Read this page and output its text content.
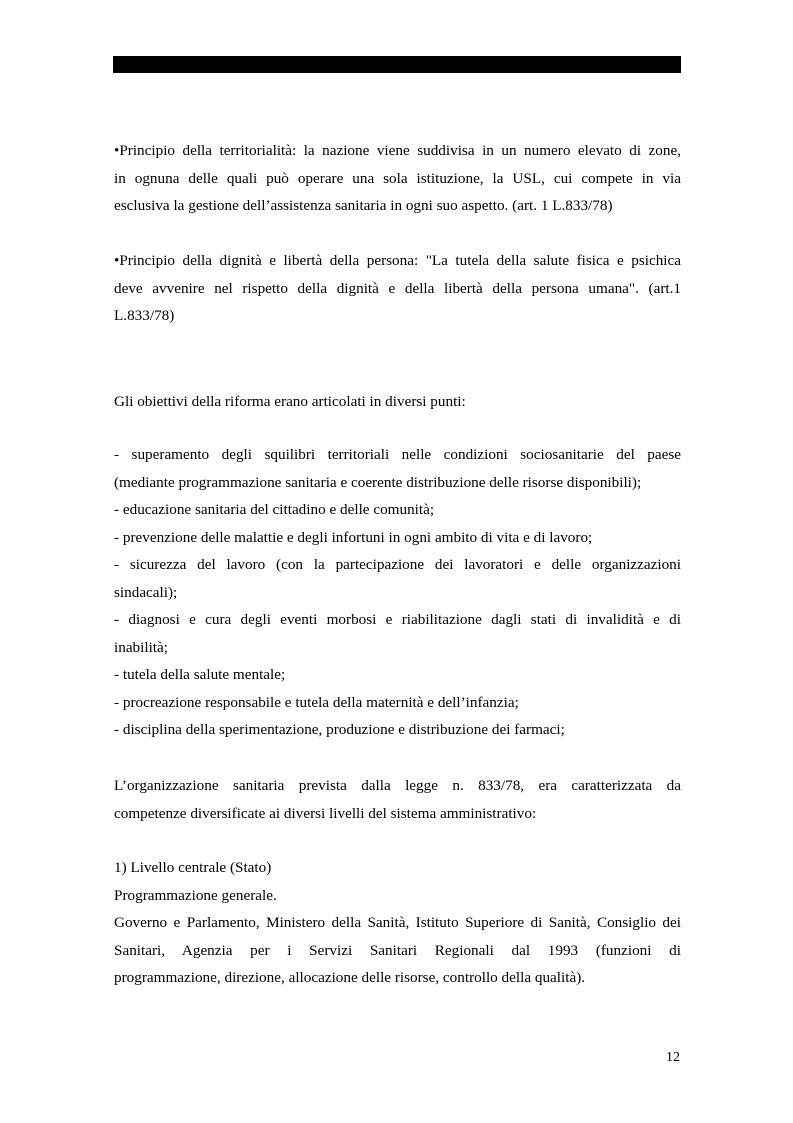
•Principio della territorialità: la nazione viene suddivisa in un numero elevato di zone,
in ognuna delle quali può operare una sola istituzione, la USL, cui compete in via
esclusiva la gestione dell’assistenza sanitaria in ogni suo aspetto. (art. 1 L.833/78)
•Principio della dignità e libertà della persona: "La tutela della salute fisica e psichica
deve avvenire nel rispetto della dignità e della libertà della persona umana". (art.1
L.833/78)
Gli obiettivi della riforma erano articolati in diversi punti:
- superamento degli squilibri territoriali nelle condizioni sociosanitarie del paese
(mediante programmazione sanitaria e coerente distribuzione delle risorse disponibili);
- educazione sanitaria del cittadino e delle comunità;
- prevenzione delle malattie e degli infortuni in ogni ambito di vita e di lavoro;
- sicurezza del lavoro (con la partecipazione dei lavoratori e delle organizzazioni
sindacali);
- diagnosi e cura degli eventi morbosi e riabilitazione dagli stati di invalidità e di
inabilità;
- tutela della salute mentale;
- procreazione responsabile e tutela della maternità e dell’infanzia;
- disciplina della sperimentazione, produzione e distribuzione dei farmaci;
L’organizzazione sanitaria prevista dalla legge n. 833/78, era caratterizzata da
competenze diversificate ai diversi livelli del sistema amministrativo:
1) Livello centrale (Stato)
Programmazione generale.
Governo e Parlamento, Ministero della Sanità, Istituto Superiore di Sanità, Consiglio dei
Sanitari, Agenzia per i Servizi Sanitari Regionali dal 1993 (funzioni di
programmazione, direzione, allocazione delle risorse, controllo della qualità).
12
